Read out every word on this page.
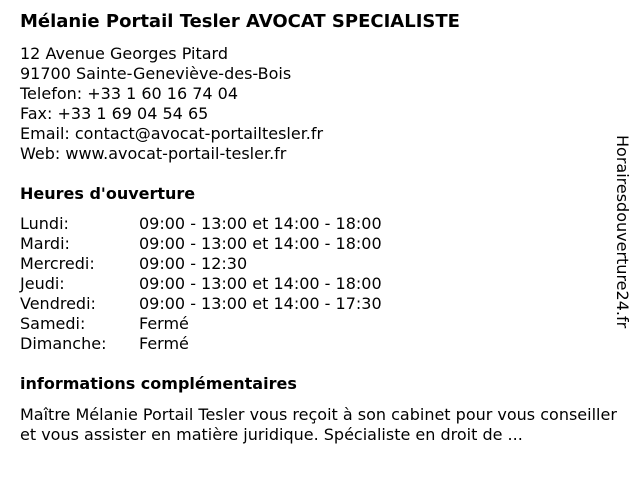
Mélanie Portail Tesler AVOCAT SPECIALISTE
12 Avenue Georges Pitard
91700 Sainte-Geneviève-des-Bois
Telefon: +33 1 60 16 74 04
Fax: +33 1 69 04 54 65
Email: contact@avocat-portailtesler.fr
Web: www.avocat-portail-tesler.fr
Heures d'ouverture
Lundi:	09:00 - 13:00 et 14:00 - 18:00
Mardi:	09:00 - 13:00 et 14:00 - 18:00
Mercredi:	09:00 - 12:30
Jeudi:	09:00 - 13:00 et 14:00 - 18:00
Vendredi:	09:00 - 13:00 et 14:00 - 17:30
Samedi:	Fermé
Dimanche: Fermé
informations complémentaires
Maître Mélanie Portail Tesler vous reçoit à son cabinet pour vous conseiller et vous assister en matière juridique. Spécialiste en droit de ...
Horairesdouverture24.fr
